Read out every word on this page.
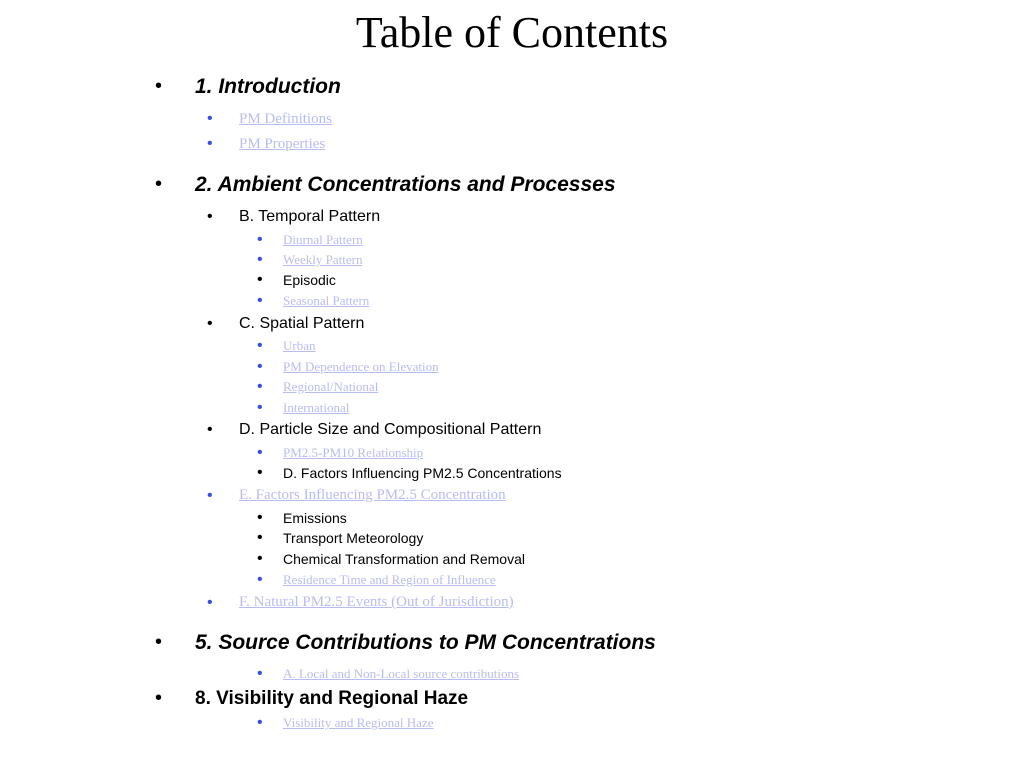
Table of Contents
• 1. Introduction
• PM Definitions
• PM Properties
• 2. Ambient Concentrations and Processes
• B. Temporal Pattern
• Diurnal Pattern
• Weekly Pattern
• Episodic
• Seasonal Pattern
• C. Spatial Pattern
• Urban
• PM Dependence on Elevation
• Regional/National
• International
• D. Particle Size and Compositional Pattern
• PM2.5-PM10 Relationship
• D. Factors Influencing PM2.5 Concentrations
• E. Factors Influencing PM2.5 Concentration
• Emissions
• Transport Meteorology
• Chemical Transformation and Removal
• Residence Time and Region of Influence
• F. Natural PM2.5 Events (Out of Jurisdiction)
• 5. Source Contributions to PM Concentrations
• A. Local and Non-Local source contributions
• 8. Visibility and Regional Haze
• Visibility and Regional Haze
